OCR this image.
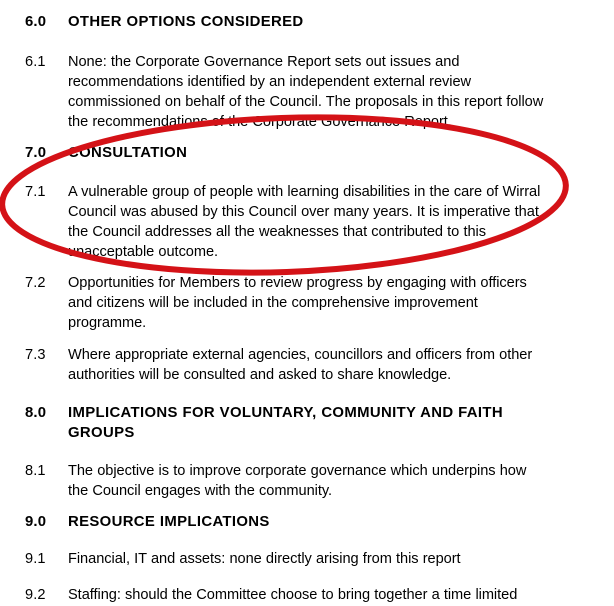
6.0	OTHER OPTIONS CONSIDERED
6.1	None: the Corporate Governance Report sets out issues and recommendations identified by an independent external review commissioned on behalf of the Council. The proposals in this report follow the recommendations of the Corporate Governance Report.
7.0	CONSULTATION
7.1	A vulnerable group of people with learning disabilities in the care of Wirral Council was abused by this Council over many years. It is imperative that the Council addresses all the weaknesses that contributed to this unacceptable outcome.
7.2	Opportunities for Members to review progress by engaging with officers and citizens will be included in the comprehensive improvement programme.
7.3	Where appropriate external agencies, councillors and officers from other authorities will be consulted and asked to share knowledge.
8.0	IMPLICATIONS FOR VOLUNTARY, COMMUNITY AND FAITH GROUPS
8.1	The objective is to improve corporate governance which underpins how the Council engages with the community.
9.0	RESOURCE IMPLICATIONS
9.1	Financial, IT and assets: none directly arising from this report
9.2	Staffing: should the Committee choose to bring together a time limited
